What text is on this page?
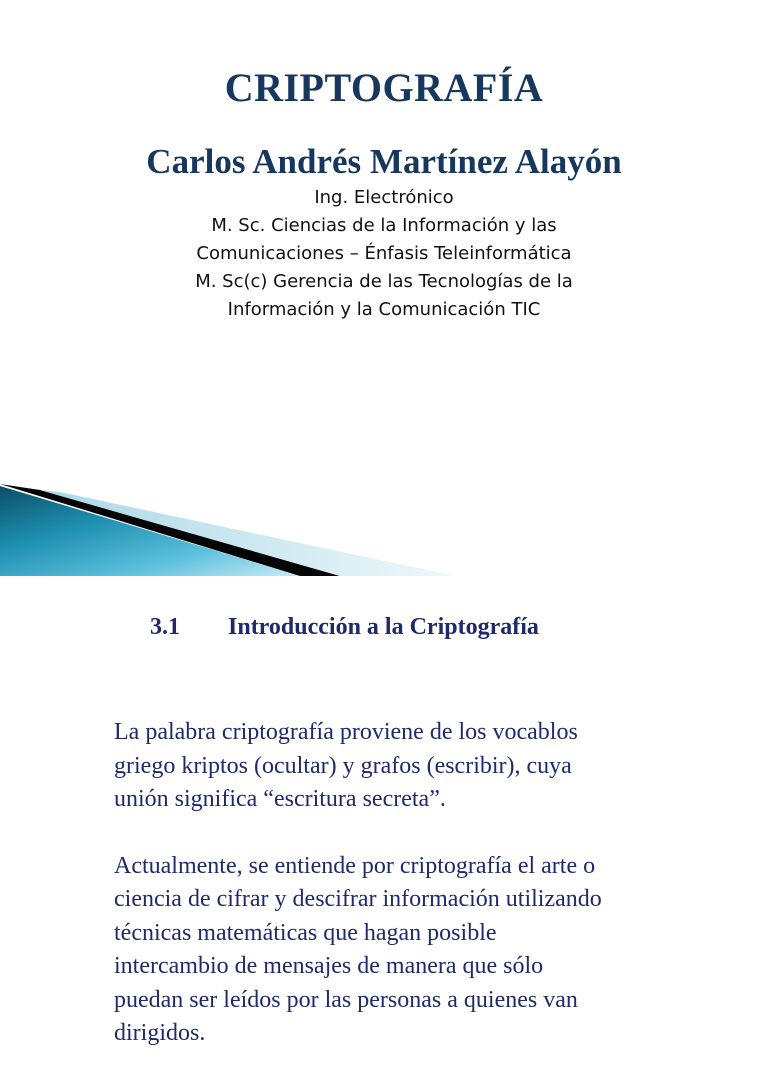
CRIPTOGRAFÍA
Carlos Andrés Martínez Alayón
Ing. Electrónico
M. Sc. Ciencias de la Información y las
Comunicaciones – Énfasis Teleinformática
M. Sc(c) Gerencia de las Tecnologías de la
Información y la Comunicación TIC
3.1 Introducción a la Criptografía

La palabra criptografía proviene de los vocablos
griego kriptos (ocultar) y grafos (escribir), cuya
unión significa “escritura secreta”.

Actualmente, se entiende por criptografía el arte o
ciencia de cifrar y descifrar información utilizando
técnicas matemáticas que hagan posible
intercambio de mensajes de manera que sólo
puedan ser leídos por las personas a quienes van
dirigidos.
